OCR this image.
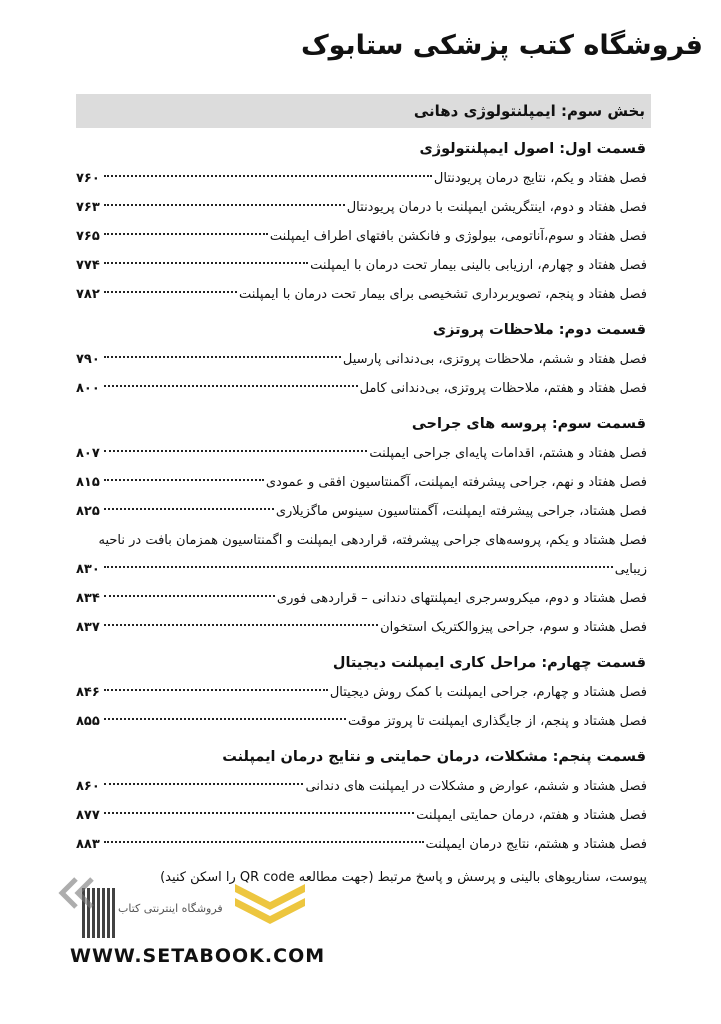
فروشگاه کتب پزشکی ستابوک
بخش سوم: ایمپلنتولوژی دهانی
قسمت اول: اصول ایمپلنتولوژی
فصل هفتاد و یکم، نتایج درمان پریودنتال
۷۶۰
فصل هفتاد و دوم، اینتگریشن ایمپلنت با درمان پریودنتال
۷۶۳
فصل هفتاد و سوم،آناتومی، بیولوژی و فانکشن بافتهای اطراف ایمپلنت
۷۶۵
فصل هفتاد و چهارم، ارزیابی بالینی بیمار تحت درمان با ایمپلنت
۷۷۴
فصل هفتاد و پنجم، تصویربرداری تشخیصی برای بیمار تحت درمان با ایمپلنت
۷۸۲
قسمت دوم: ملاحظات پروتزی
فصل هفتاد و ششم، ملاحظات پروتزی، بی‌دندانی پارسیل
۷۹۰
فصل هفتاد و هفتم، ملاحظات پروتزی، بی‌دندانی کامل
۸۰۰
قسمت سوم: پروسه های جراحی
فصل هفتاد و هشتم، اقدامات پایه‌ای جراحی ایمپلنت
۸۰۷
فصل هفتاد و نهم، جراحی پیشرفته ایمپلنت، آگمنتاسیون افقی و عمودی
۸۱۵
فصل هشتاد، جراحی پیشرفته ایمپلنت، آگمنتاسیون سینوس ماگزیلاری
۸۲۵
فصل هشتاد و یکم، پروسه‌های جراحی پیشرفته، قراردهی ایمپلنت و اگمنتاسیون همزمان بافت در ناحیه
زیبایی
۸۳۰
فصل هشتاد و دوم، میکروسرجری ایمپلنتهای دندانی – قراردهی فوری
۸۳۴
فصل هشتاد و سوم، جراحی پیزوالکتریک استخوان
۸۳۷
قسمت چهارم: مراحل کاری ایمپلنت دیجیتال
فصل هشتاد و چهارم، جراحی ایمپلنت با کمک روش دیجیتال
۸۴۶
فصل هشتاد و پنجم، از جایگذاری ایمپلنت تا پروتز موقت
۸۵۵
قسمت پنجم: مشکلات، درمان حمایتی و نتایج درمان ایمپلنت
فصل هشتاد و ششم، عوارض و مشکلات در ایمپلنت های دندانی
۸۶۰
فصل هشتاد و هفتم، درمان حمایتی ایمپلنت
۸۷۷
فصل هشتاد و هشتم، نتایج درمان ایمپلنت
۸۸۳
پیوست، سناریوهای بالینی و پرسش و پاسخ مرتبط (جهت مطالعه QR code را اسکن کنید)
فروشگاه اینترنتی کتاب
WWW.SETABOOK.COM
